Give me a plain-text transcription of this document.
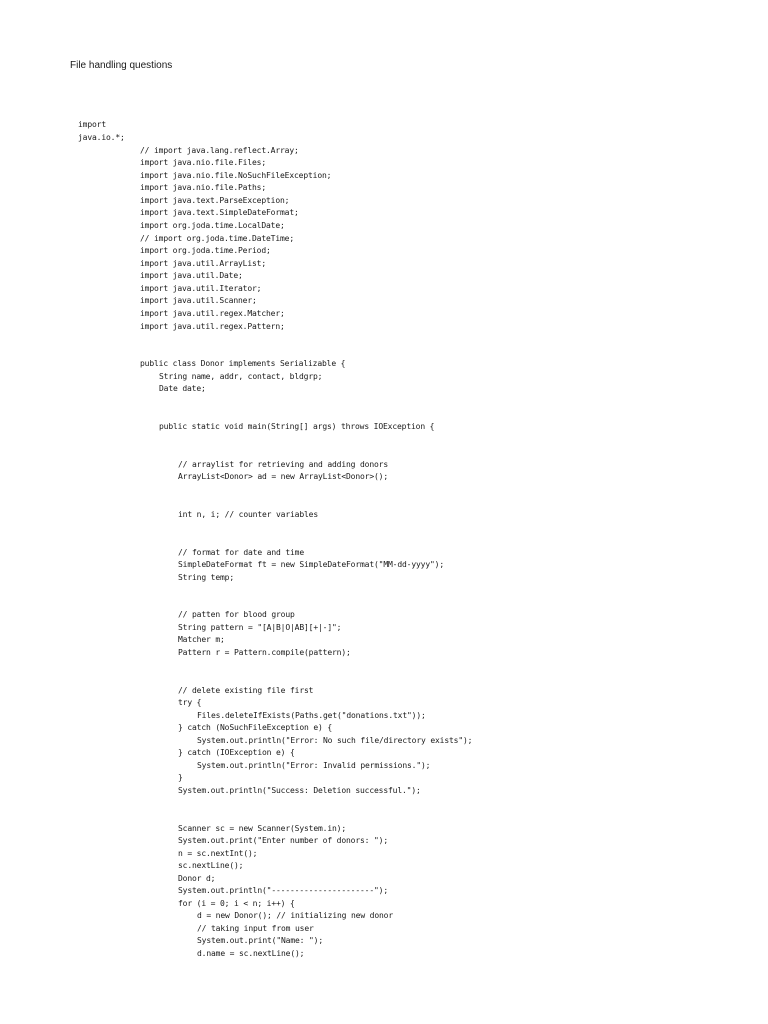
File handling questions
import
java.io.*;
// import java.lang.reflect.Array;
import java.nio.file.Files;
import java.nio.file.NoSuchFileException;
import java.nio.file.Paths;
import java.text.ParseException;
import java.text.SimpleDateFormat;
import org.joda.time.LocalDate;
// import org.joda.time.DateTime;
import org.joda.time.Period;
import java.util.ArrayList;
import java.util.Date;
import java.util.Iterator;
import java.util.Scanner;
import java.util.regex.Matcher;
import java.util.regex.Pattern;
public class Donor implements Serializable {
String name, addr, contact, bldgrp;
Date date;
public static void main(String[] args) throws IOException {
// arraylist for retrieving and adding donors
ArrayList<Donor> ad = new ArrayList<Donor>();
int n, i; // counter variables
// format for date and time
SimpleDateFormat ft = new SimpleDateFormat("MM-dd-yyyy");
String temp;
// patten for blood group
String pattern = "[A|B|O|AB][+|-]";
Matcher m;
Pattern r = Pattern.compile(pattern);
// delete existing file first
try {
Files.deleteIfExists(Paths.get("donations.txt"));
} catch (NoSuchFileException e) {
System.out.println("Error: No such file/directory exists");
} catch (IOException e) {
System.out.println("Error: Invalid permissions.");
}
System.out.println("Success: Deletion successful.");
Scanner sc = new Scanner(System.in);
System.out.print("Enter number of donors: ");
n = sc.nextInt();
sc.nextLine();
Donor d;
System.out.println("----------------------");
for (i = 0; i < n; i++) {
d = new Donor(); // initializing new donor
// taking input from user
System.out.print("Name: ");
d.name = sc.nextLine();
